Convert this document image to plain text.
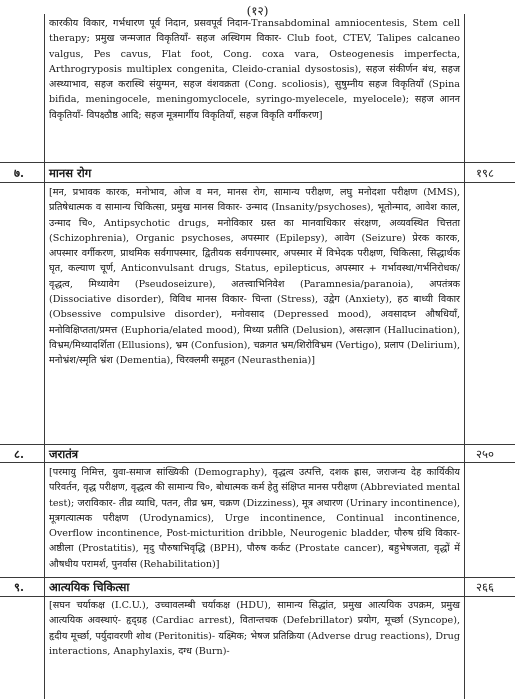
(१२)
कारकीय विकार, गर्भधारण पूर्व निदान, प्रसवपूर्व निदान-Transabdominal amniocentesis, Stem cell therapy; प्रमुख जन्मजात विकृतियाँ- सहज अस्थिगम विकार- Club foot, CTEV, Talipes calcaneo valgus, Pes cavus, Flat foot, Cong. coxa vara, Osteogenesis imperfecta, Arthrogryposis multiplex congenita, Cleido-cranial dysostosis), सहज संकीर्णन बंध, सहज अस्थ्याभाव, सहज करास्थि संयुग्मन, सहज वंशवक्रता (Cong. scoliosis), सुषुम्नीय सहज विकृतियाँ (Spina bifida, meningocele, meningomyclocele, syringo-myelecele, myelocele); सहज आनन विकृतियाँ- विपक्ष्ठौष्ठ आदि; सहज मूत्रमार्गीय विकृतियाँ, सहज विकृति वर्गीकरण]
७. मानस रोग	१९८
[मन, प्रभावक कारक, मनोभाव, ओज व मन, मानस रोग, सामान्य परीक्षण, लघु मनोदशा परीक्षण (MMS), प्रतिषेधात्मक व सामान्य चिकित्सा, प्रमुख मानस विकार- उन्माद (Insanity/psychoses), भूतोन्माद, आवेश काल, उन्माद चि०, Antipsychotic drugs, मनोविकार ग्रस्त का मानवाधिकार संरक्षण, अव्यवस्थित चित्तता (Schizophrenia), Organic psychoses, अपस्मार (Epilepsy), आवेग (Seizure) प्रेरक कारक, अपस्मार वर्गीकरण, प्राथमिक सर्वगापस्मार, द्वितीयक सर्वगापस्मार, अपस्मार में विभेदक परीक्षण, चिकित्सा, सिद्धार्थक घृत, कल्याण चूर्ण, Anticonvulsant drugs, Status, epilepticus, अपस्मार + गर्भावस्था/गर्भनिरोधक/वृद्धत्व, मिथ्यावेग (Pseudoseizure), अतत्त्वाभिनिवेश (Paramnesia/paranoia), अपतंत्रक (Dissociative disorder), विविध मानस विकार- चिन्ता (Stress), उद्वेग (Anxiety), हठ बाध्यी विकार (Obsessive compulsive disorder), मनोवसाद (Depressed mood), अवसादघ्न औषधियाँ, मनोविक्षिप्तता/प्रमत्त (Euphoria/elated mood), मिथ्या प्रतीति (Delusion), असत्ज्ञान (Hallucination), विभ्रम/मिथ्यादर्शिता (Ellusions), भ्रम (Confusion), चक्रगत भ्रम/शिरोविभ्रम (Vertigo), प्रलाप (Delirium), मनोभ्रंश/स्मृति भ्रंश (Dementia), चिरक्लमी समूहन (Neurasthenia)]
८. जरातंत्र	२५०
[परमायु निमित्त, युवा-समाज सांख्यिकी (Demography), वृद्धत्व उत्पत्ति, दशक ह्रास, जराजन्य देह कार्यिकीय परिवर्तन, वृद्ध परीक्षण, वृद्धत्व की सामान्य चि०, बोधात्मक कर्म हेतु संक्षिप्त मानस परीक्षण (Abbreviated mental test); जराविकार- तीव्र व्याधि, पतन, तीव्र भ्रम, चक्रण (Dizziness), मूत्र अधारण (Urinary incontinence), मूत्रगत्यात्मक परीक्षण (Urodynamics), Urge incontinence, Continual incontinence, Overflow incontinence, Post-micturition dribble, Neurogenic bladder, पौरुष ग्रंथि विकार- अष्ठीला (Prostatitis), मृदु पौरुषाभिवृद्धि (BPH), पौरुष कर्कट (Prostate cancer), बहुभेषजता, वृद्धों में औषधीय परामर्श, पुनर्वास (Rehabilitation)]
९. आत्ययिक चिकित्सा	२६६
[सघन चर्याकक्ष (I.C.U.), उच्चावलम्बी चर्याकक्ष (HDU), सामान्य सिद्धांत, प्रमुख आत्ययिक उपक्रम, प्रमुख आत्ययिक अवस्थाएं- हृद्ग्रह (Cardiac arrest), वितान्तचक (Defebrillator) प्रयोग, मूर्च्छा (Syncope), हृदीय मूर्च्छा, पर्युदावरणी शोथ (Peritonitis)- यक्ष्मिक; भेषज प्रतिक्रिया (Adverse drug reactions), Drug interactions, Anaphylaxis, दग्ध (Burn)-
